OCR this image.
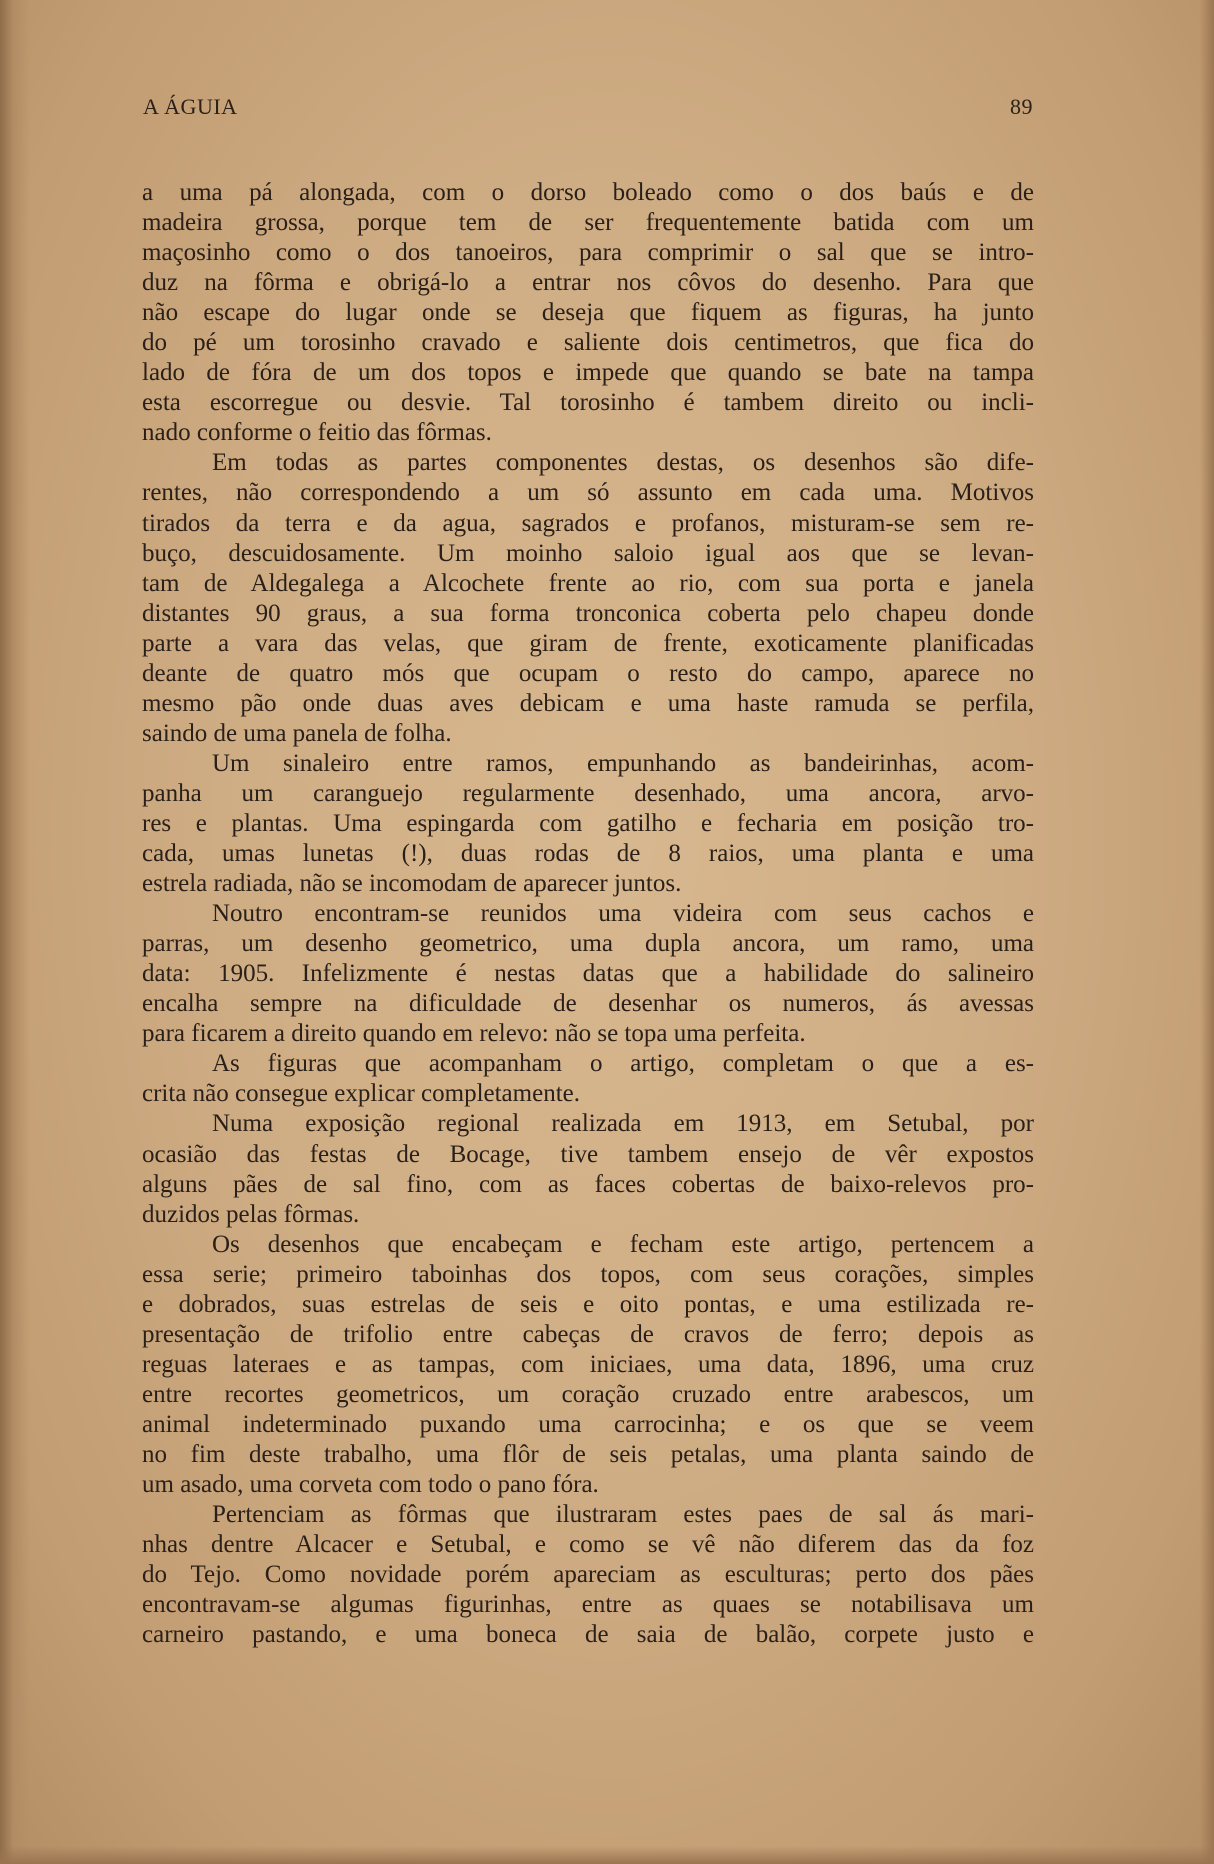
A ÁGUIA	89
a uma pá alongada, com o dorso boleado como o dos baús e de
madeira grossa, porque tem de ser frequentemente batida com um
maçosinho como o dos tanoeiros, para comprimir o sal que se intro-
duz na fôrma e obrigá-lo a entrar nos côvos do desenho. Para que
não escape do lugar onde se deseja que fiquem as figuras, ha junto
do pé um torosinho cravado e saliente dois centimetros, que fica do
lado de fóra de um dos topos e impede que quando se bate na tampa
esta escorregue ou desvie. Tal torosinho é tambem direito ou incli-
nado conforme o feitio das fôrmas.
Em todas as partes componentes destas, os desenhos são dife-
rentes, não correspondendo a um só assunto em cada uma. Motivos
tirados da terra e da agua, sagrados e profanos, misturam-se sem re-
buço, descuidosamente. Um moinho saloio igual aos que se levan-
tam de Aldegalega a Alcochete frente ao rio, com sua porta e janela
distantes 90 graus, a sua forma tronconica coberta pelo chapeu donde
parte a vara das velas, que giram de frente, exoticamente planificadas
deante de quatro mós que ocupam o resto do campo, aparece no
mesmo pão onde duas aves debicam e uma haste ramuda se perfila,
saindo de uma panela de folha.
Um sinaleiro entre ramos, empunhando as bandeirinhas, acom-
panha um caranguejo regularmente desenhado, uma ancora, arvo-
res e plantas. Uma espingarda com gatilho e fecharia em posição tro-
cada, umas lunetas (!), duas rodas de 8 raios, uma planta e uma
estrela radiada, não se incomodam de aparecer juntos.
Noutro encontram-se reunidos uma videira com seus cachos e
parras, um desenho geometrico, uma dupla ancora, um ramo, uma
data: 1905. Infelizmente é nestas datas que a habilidade do salineiro
encalha sempre na dificuldade de desenhar os numeros, ás avessas
para ficarem a direito quando em relevo: não se topa uma perfeita.
As figuras que acompanham o artigo, completam o que a es-
crita não consegue explicar completamente.
Numa exposição regional realizada em 1913, em Setubal, por
ocasião das festas de Bocage, tive tambem ensejo de vêr expostos
alguns pães de sal fino, com as faces cobertas de baixo-relevos pro-
duzidos pelas fôrmas.
Os desenhos que encabeçam e fecham este artigo, pertencem a
essa serie; primeiro taboinhas dos topos, com seus corações, simples
e dobrados, suas estrelas de seis e oito pontas, e uma estilizada re-
presentação de trifolio entre cabeças de cravos de ferro; depois as
reguas lateraes e as tampas, com iniciaes, uma data, 1896, uma cruz
entre recortes geometricos, um coração cruzado entre arabescos, um
animal indeterminado puxando uma carrocinha; e os que se veem
no fim deste trabalho, uma flôr de seis petalas, uma planta saindo de
um asado, uma corveta com todo o pano fóra.
Pertenciam as fôrmas que ilustraram estes paes de sal ás mari-
nhas dentre Alcacer e Setubal, e como se vê não diferem das da foz
do Tejo. Como novidade porém apareciam as esculturas; perto dos pães
encontravam-se algumas figurinhas, entre as quaes se notabilisava um
carneiro pastando, e uma boneca de saia de balão, corpete justo e
